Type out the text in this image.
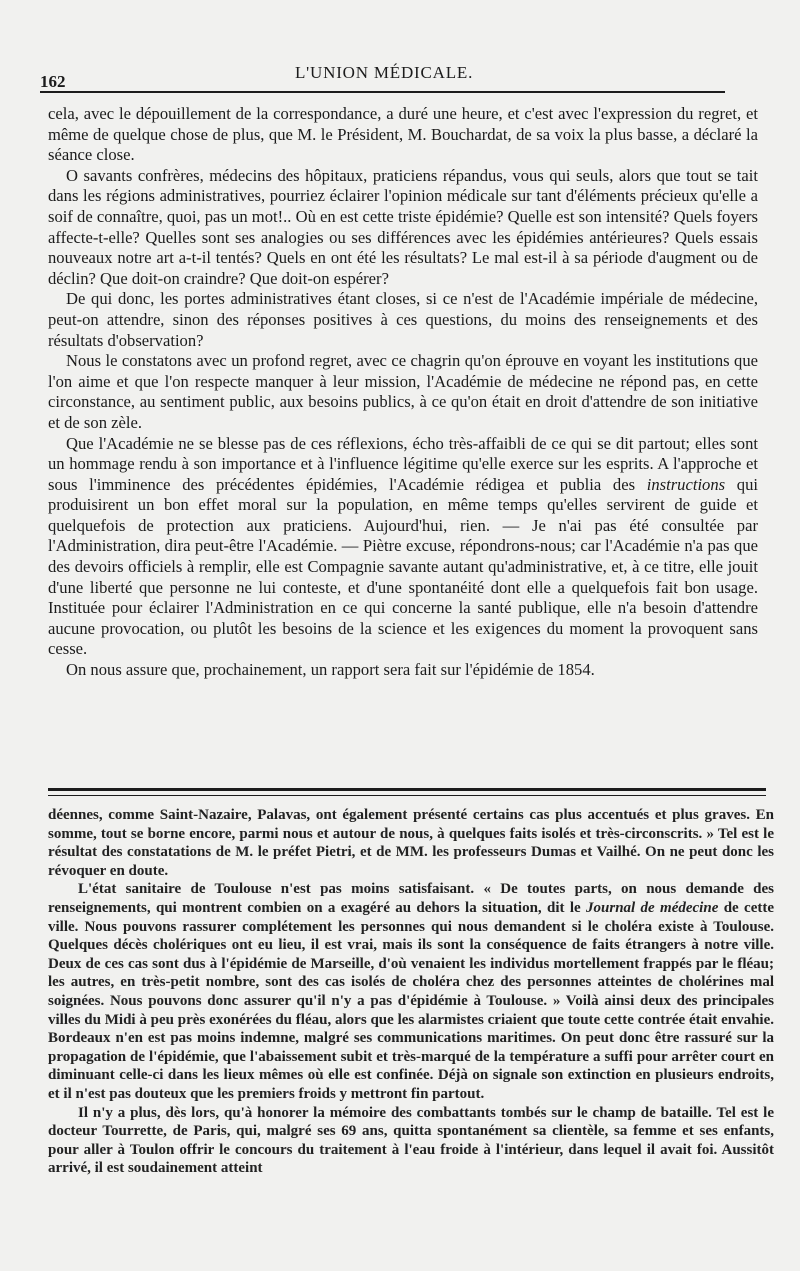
162	L'UNION MÉDICALE.

cela, avec le dépouillement de la correspondance, a duré une heure, et c'est avec l'expression du regret, et même de quelque chose de plus, que M. le Président, M. Bouchardat, de sa voix la plus basse, a déclaré la séance close.

O savants confrères, médecins des hôpitaux, praticiens répandus, vous qui seuls, alors que tout se tait dans les régions administratives, pourriez éclairer l'opinion médicale sur tant d'éléments précieux qu'elle a soif de connaître, quoi, pas un mot!.. Où en est cette triste épidémie? Quelle est son intensité? Quels foyers affecte-t-elle? Quelles sont ses analogies ou ses différences avec les épidémies antérieures? Quels essais nouveaux notre art a-t-il tentés? Quels en ont été les résultats? Le mal est-il à sa période d'augment ou de déclin? Que doit-on craindre? Que doit-on espérer?

De qui donc, les portes administratives étant closes, si ce n'est de l'Académie impériale de médecine, peut-on attendre, sinon des réponses positives à ces questions, du moins des renseignements et des résultats d'observation?

Nous le constatons avec un profond regret, avec ce chagrin qu'on éprouve en voyant les institutions que l'on aime et que l'on respecte manquer à leur mission, l'Académie de médecine ne répond pas, en cette circonstance, au sentiment public, aux besoins publics, à ce qu'on était en droit d'attendre de son initiative et de son zèle.

Que l'Académie ne se blesse pas de ces réflexions, écho très-affaibli de ce qui se dit partout; elles sont un hommage rendu à son importance et à l'influence légitime qu'elle exerce sur les esprits. A l'approche et sous l'imminence des précédentes épidémies, l'Académie rédigea et publia des instructions qui produisirent un bon effet moral sur la population, en même temps qu'elles servirent de guide et quelquefois de protection aux praticiens. Aujourd'hui, rien. — Je n'ai pas été consultée par l'Administration, dira peut-être l'Académie. — Piètre excuse, répondrons-nous; car l'Académie n'a pas que des devoirs officiels à remplir, elle est Compagnie savante autant qu'administrative, et, à ce titre, elle jouit d'une liberté que personne ne lui conteste, et d'une spontanéité dont elle a quelquefois fait bon usage. Instituée pour éclairer l'Administration en ce qui concerne la santé publique, elle n'a besoin d'attendre aucune provocation, ou plutôt les besoins de la science et les exigences du moment la provoquent sans cesse.

On nous assure que, prochainement, un rapport sera fait sur l'épidémie de 1854.

déennes, comme Saint-Nazaire, Palavas, ont également présenté certains cas plus accentués et plus graves. En somme, tout se borne encore, parmi nous et autour de nous, à quelques faits isolés et très-circonscrits. » Tel est le résultat des constatations de M. le préfet Pietri, et de MM. les professeurs Dumas et Vailhé. On ne peut donc les révoquer en doute.

L'état sanitaire de Toulouse n'est pas moins satisfaisant. « De toutes parts, on nous demande des renseignements, qui montrent combien on a exagéré au dehors la situation, dit le Journal de médecine de cette ville. Nous pouvons rassurer complétement les personnes qui nous demandent si le choléra existe à Toulouse. Quelques décès cholériques ont eu lieu, il est vrai, mais ils sont la conséquence de faits étrangers à notre ville. Deux de ces cas sont dus à l'épidémie de Marseille, d'où venaient les individus mortellement frappés par le fléau; les autres, en très-petit nombre, sont des cas isolés de choléra chez des personnes atteintes de cholérines mal soignées. Nous pouvons donc assurer qu'il n'y a pas d'épidémie à Toulouse. » Voilà ainsi deux des principales villes du Midi à peu près exonérées du fléau, alors que les alarmistes criaient que toute cette contrée était envahie. Bordeaux n'en est pas moins indemne, malgré ses communications maritimes. On peut donc être rassuré sur la propagation de l'épidémie, que l'abaissement subit et très-marqué de la température a suffi pour arrêter court en diminuant celle-ci dans les lieux mêmes où elle est confinée. Déjà on signale son extinction en plusieurs endroits, et il n'est pas douteux que les premiers froids y mettront fin partout.

Il n'y a plus, dès lors, qu'à honorer la mémoire des combattants tombés sur le champ de bataille. Tel est le docteur Tourrette, de Paris, qui, malgré ses 69 ans, quitta spontanément sa clientèle, sa femme et ses enfants, pour aller à Toulon offrir le concours du traitement à l'eau froide à l'intérieur, dans lequel il avait foi. Aussitôt arrivé, il est soudainement atteint
